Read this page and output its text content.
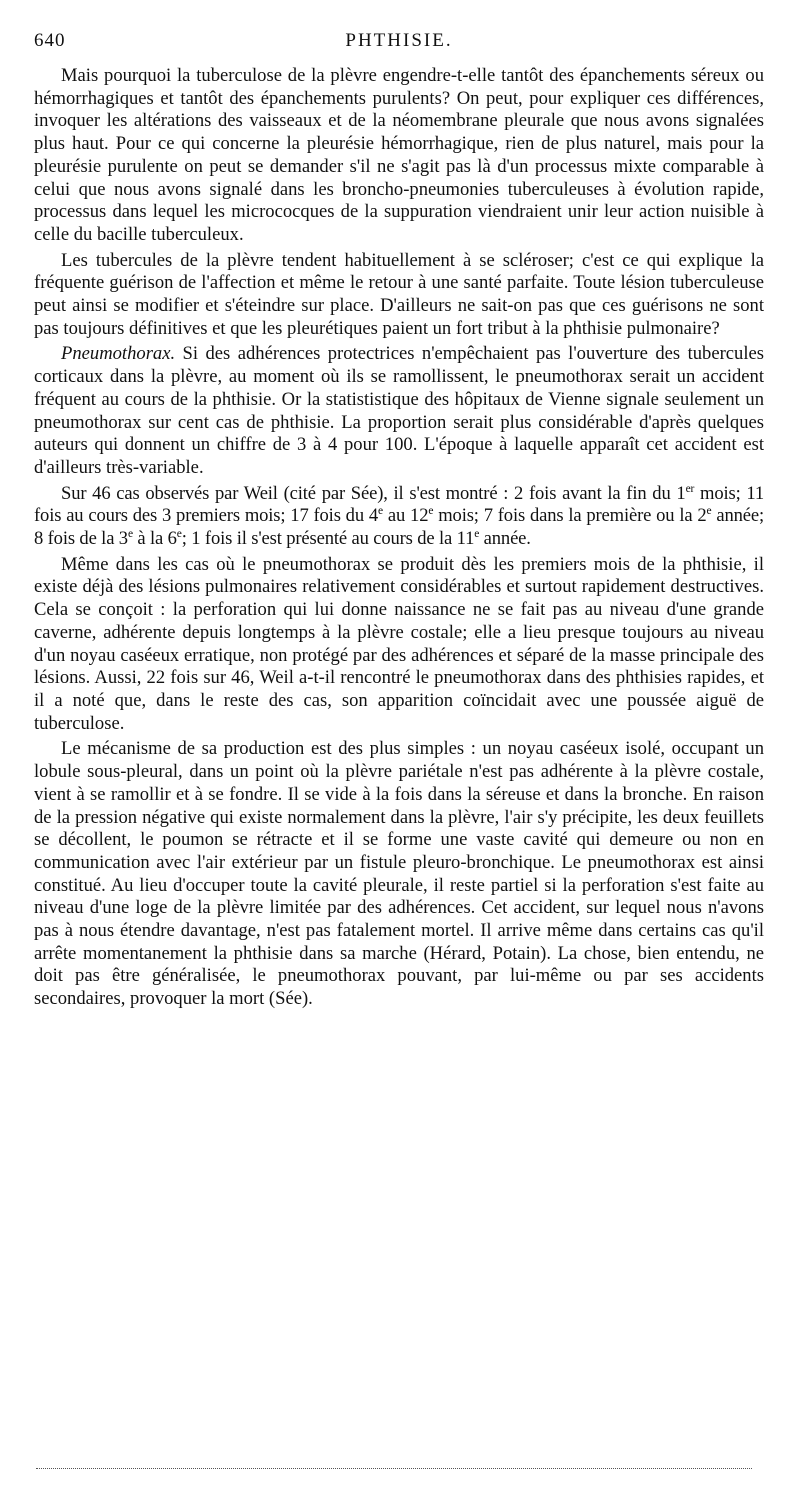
640	PHTHISIE.

Mais pourquoi la tuberculose de la plèvre engendre-t-elle tantôt des épanchements séreux ou hémorrhagiques et tantôt des épanchements purulents? On peut, pour expliquer ces différences, invoquer les altérations des vaisseaux et de la néomembrane pleurale que nous avons signalées plus haut. Pour ce qui concerne la pleurésie hémorrhagique, rien de plus naturel, mais pour la pleurésie purulente on peut se demander s'il ne s'agit pas là d'un processus mixte comparable à celui que nous avons signalé dans les broncho-pneumonies tuberculeuses à évolution rapide, processus dans lequel les micrococques de la suppuration viendraient unir leur action nuisible à celle du bacille tuberculeux.

Les tubercules de la plèvre tendent habituellement à se scléroser; c'est ce qui explique la fréquente guérison de l'affection et même le retour à une santé parfaite. Toute lésion tuberculeuse peut ainsi se modifier et s'éteindre sur place. D'ailleurs ne sait-on pas que ces guérisons ne sont pas toujours définitives et que les pleurétiques paient un fort tribut à la phthisie pulmonaire?

Pneumothorax. Si des adhérences protectrices n'empêchaient pas l'ouverture des tubercules corticaux dans la plèvre, au moment où ils se ramollissent, le pneumothorax serait un accident fréquent au cours de la phthisie. Or la statististique des hôpitaux de Vienne signale seulement un pneumothorax sur cent cas de phthisie. La proportion serait plus considérable d'après quelques auteurs qui donnent un chiffre de 3 à 4 pour 100. L'époque à laquelle apparaît cet accident est d'ailleurs très-variable.

Sur 46 cas observés par Weil (cité par Sée), il s'est montré : 2 fois avant la fin du 1er mois; 11 fois au cours des 3 premiers mois; 17 fois du 4e au 12e mois; 7 fois dans la première ou la 2e année; 8 fois de la 3e à la 6e; 1 fois il s'est présenté au cours de la 11e année.

Même dans les cas où le pneumothorax se produit dès les premiers mois de la phthisie, il existe déjà des lésions pulmonaires relativement considérables et surtout rapidement destructives. Cela se conçoit : la perforation qui lui donne naissance ne se fait pas au niveau d'une grande caverne, adhérente depuis longtemps à la plèvre costale; elle a lieu presque toujours au niveau d'un noyau caséeux erratique, non protégé par des adhérences et séparé de la masse principale des lésions. Aussi, 22 fois sur 46, Weil a-t-il rencontré le pneumothorax dans des phthisies rapides, et il a noté que, dans le reste des cas, son apparition coïncidait avec une poussée aiguë de tuberculose.

Le mécanisme de sa production est des plus simples : un noyau caséeux isolé, occupant un lobule sous-pleural, dans un point où la plèvre pariétale n'est pas adhérente à la plèvre costale, vient à se ramollir et à se fondre. Il se vide à la fois dans la séreuse et dans la bronche. En raison de la pression négative qui existe normalement dans la plèvre, l'air s'y précipite, les deux feuillets se décollent, le poumon se rétracte et il se forme une vaste cavité qui demeure ou non en communication avec l'air extérieur par un fistule pleuro-bronchique. Le pneumothorax est ainsi constitué. Au lieu d'occuper toute la cavité pleurale, il reste partiel si la perforation s'est faite au niveau d'une loge de la plèvre limitée par des adhérences. Cet accident, sur lequel nous n'avons pas à nous étendre davantage, n'est pas fatalement mortel. Il arrive même dans certains cas qu'il arrête momentanement la phthisie dans sa marche (Hérard, Potain). La chose, bien entendu, ne doit pas être généralisée, le pneumothorax pouvant, par lui-même ou par ses accidents secondaires, provoquer la mort (Sée).
